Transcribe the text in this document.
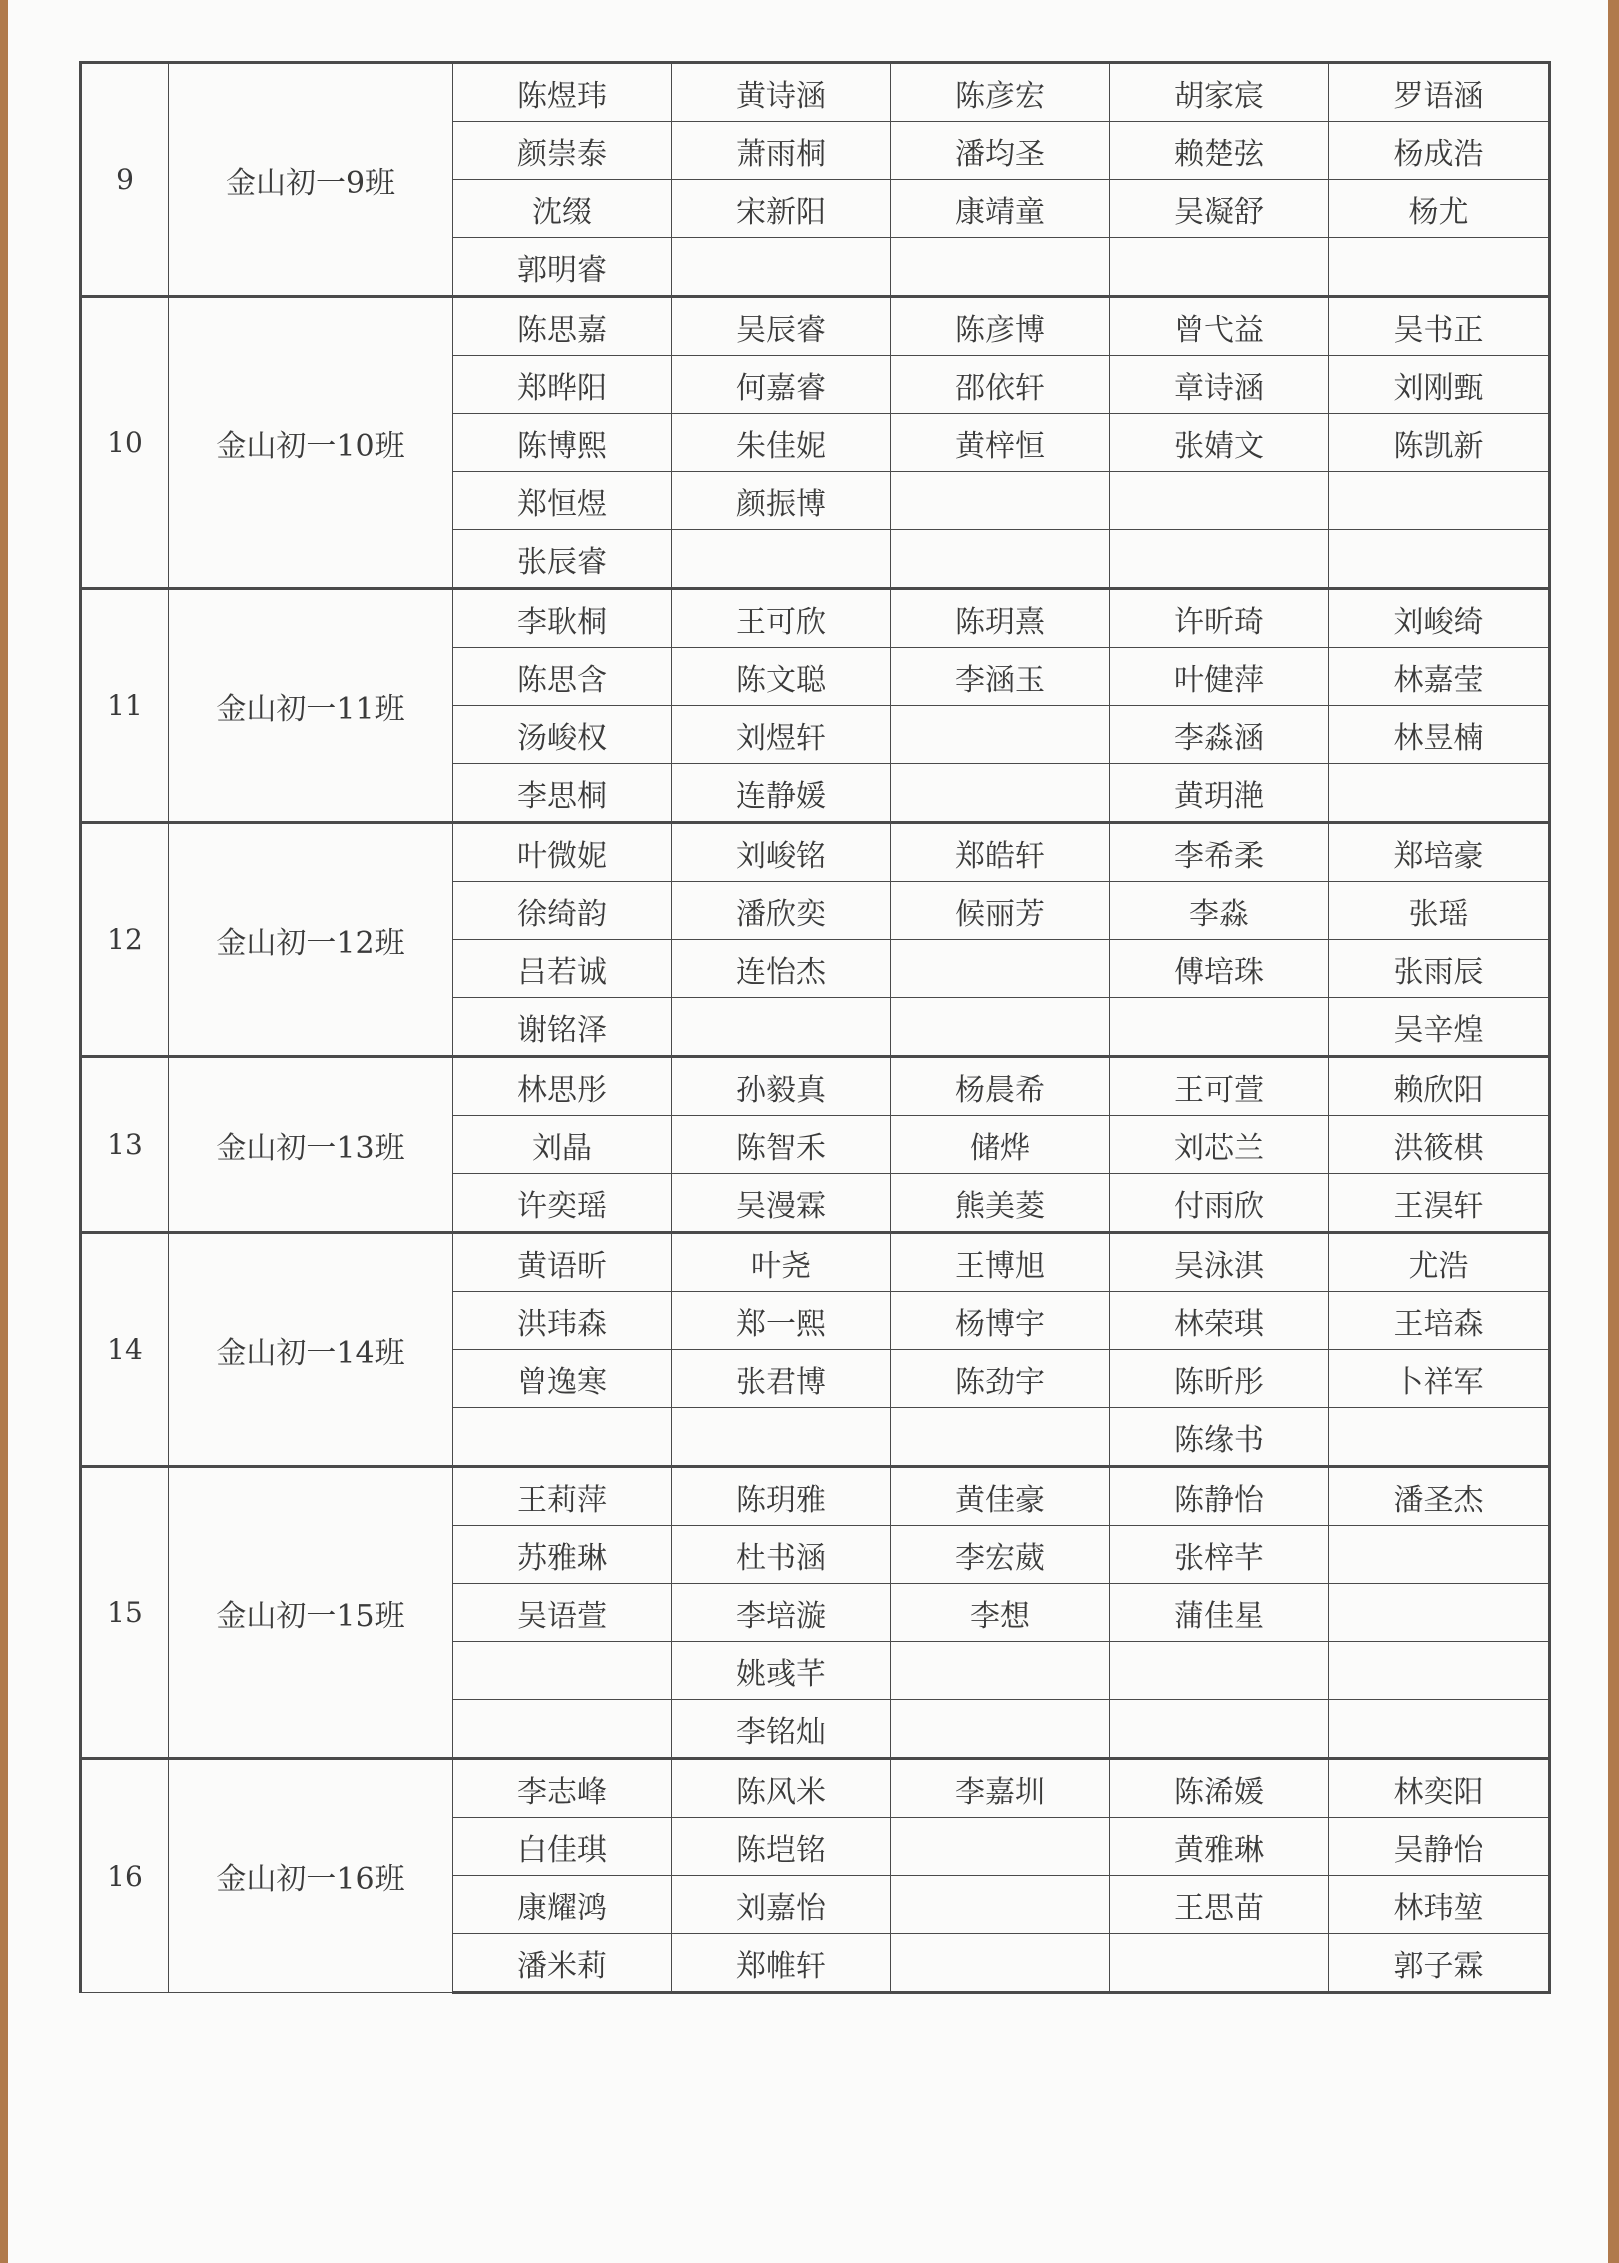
9	金山初一9班	陈煜玮	黄诗涵	陈彦宏	胡家宸	罗语涵
		颜崇泰	萧雨桐	潘均圣	赖楚弦	杨成浩
		沈缀	宋新阳	康靖童	吴凝舒	杨尤
		郭明睿				
10	金山初一10班	陈思嘉	吴辰睿	陈彦博	曾弋益	吴书正
		郑晔阳	何嘉睿	邵依轩	章诗涵	刘刚甄
		陈博熙	朱佳妮	黄梓恒	张婧文	陈凯新
		郑恒煜	颜振博			
		张辰睿				
11	金山初一11班	李耿桐	王可欣	陈玥熹	许昕琦	刘峻绮
		陈思含	陈文聪	李涵玉	叶健萍	林嘉莹
		汤峻权	刘煜轩		李淼涵	林昱楠
		李思桐	连静媛		黄玥滟	
12	金山初一12班	叶微妮	刘峻铭	郑皓轩	李希柔	郑培豪
		徐绮韵	潘欣奕	候丽芳	李淼	张瑶
		吕若诚	连怡杰		傅培珠	张雨辰
		谢铭泽				吴辛煌
13	金山初一13班	林思彤	孙毅真	杨晨希	王可萱	赖欣阳
		刘晶	陈智禾	储烨	刘芯兰	洪筱棋
		许奕瑶	吴漫霖	熊美菱	付雨欣	王淏轩
14	金山初一14班	黄语昕	叶尧	王博旭	吴泳淇	尤浩
		洪玮森	郑一熙	杨博宇	林荣琪	王培森
		曾逸寒	张君博	陈劲宇	陈昕彤	卜祥军
					陈缘书	
15	金山初一15班	王莉萍	陈玥雅	黄佳豪	陈静怡	潘圣杰
		苏雅琳	杜书涵	李宏葳	张梓芊	
		吴语萱	李培漩	李想	蒲佳星	
			姚彧芊			
			李铭灿			
16	金山初一16班	李志峰	陈风米	李嘉圳	陈浠媛	林奕阳
		白佳琪	陈垲铭		黄雅琳	吴静怡
		康耀鸿	刘嘉怡		王思苗	林玮堃
		潘米莉	郑帷轩			郭子霖
